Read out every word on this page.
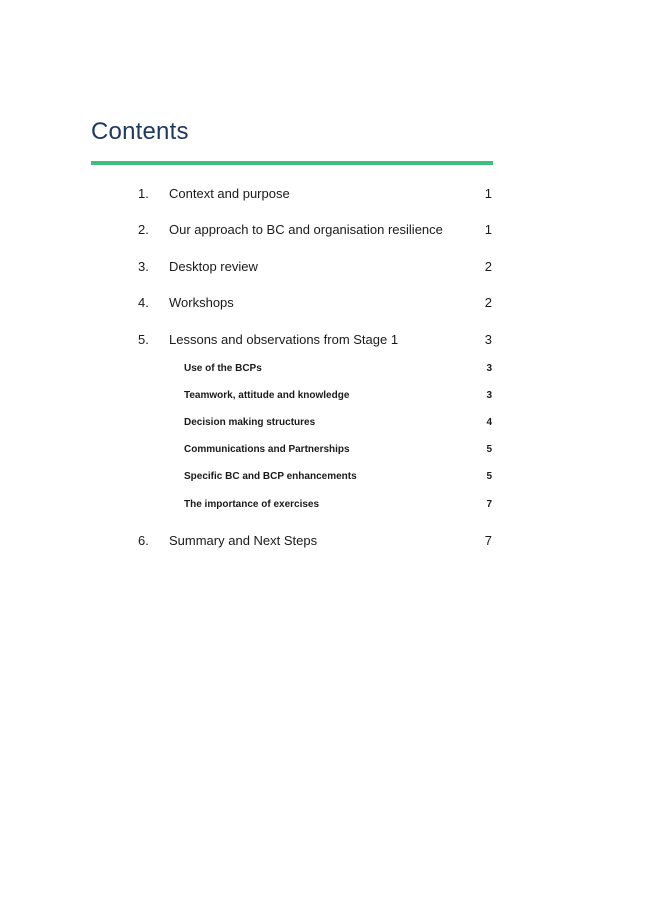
Contents
1. Context and purpose	1
2. Our approach to BC and organisation resilience	1
3. Desktop review	2
4. Workshops	2
5. Lessons and observations from Stage 1	3
Use of the BCPs	3
Teamwork, attitude and knowledge	3
Decision making structures	4
Communications and Partnerships	5
Specific BC and BCP enhancements	5
The importance of exercises	7
6. Summary and Next Steps	7
